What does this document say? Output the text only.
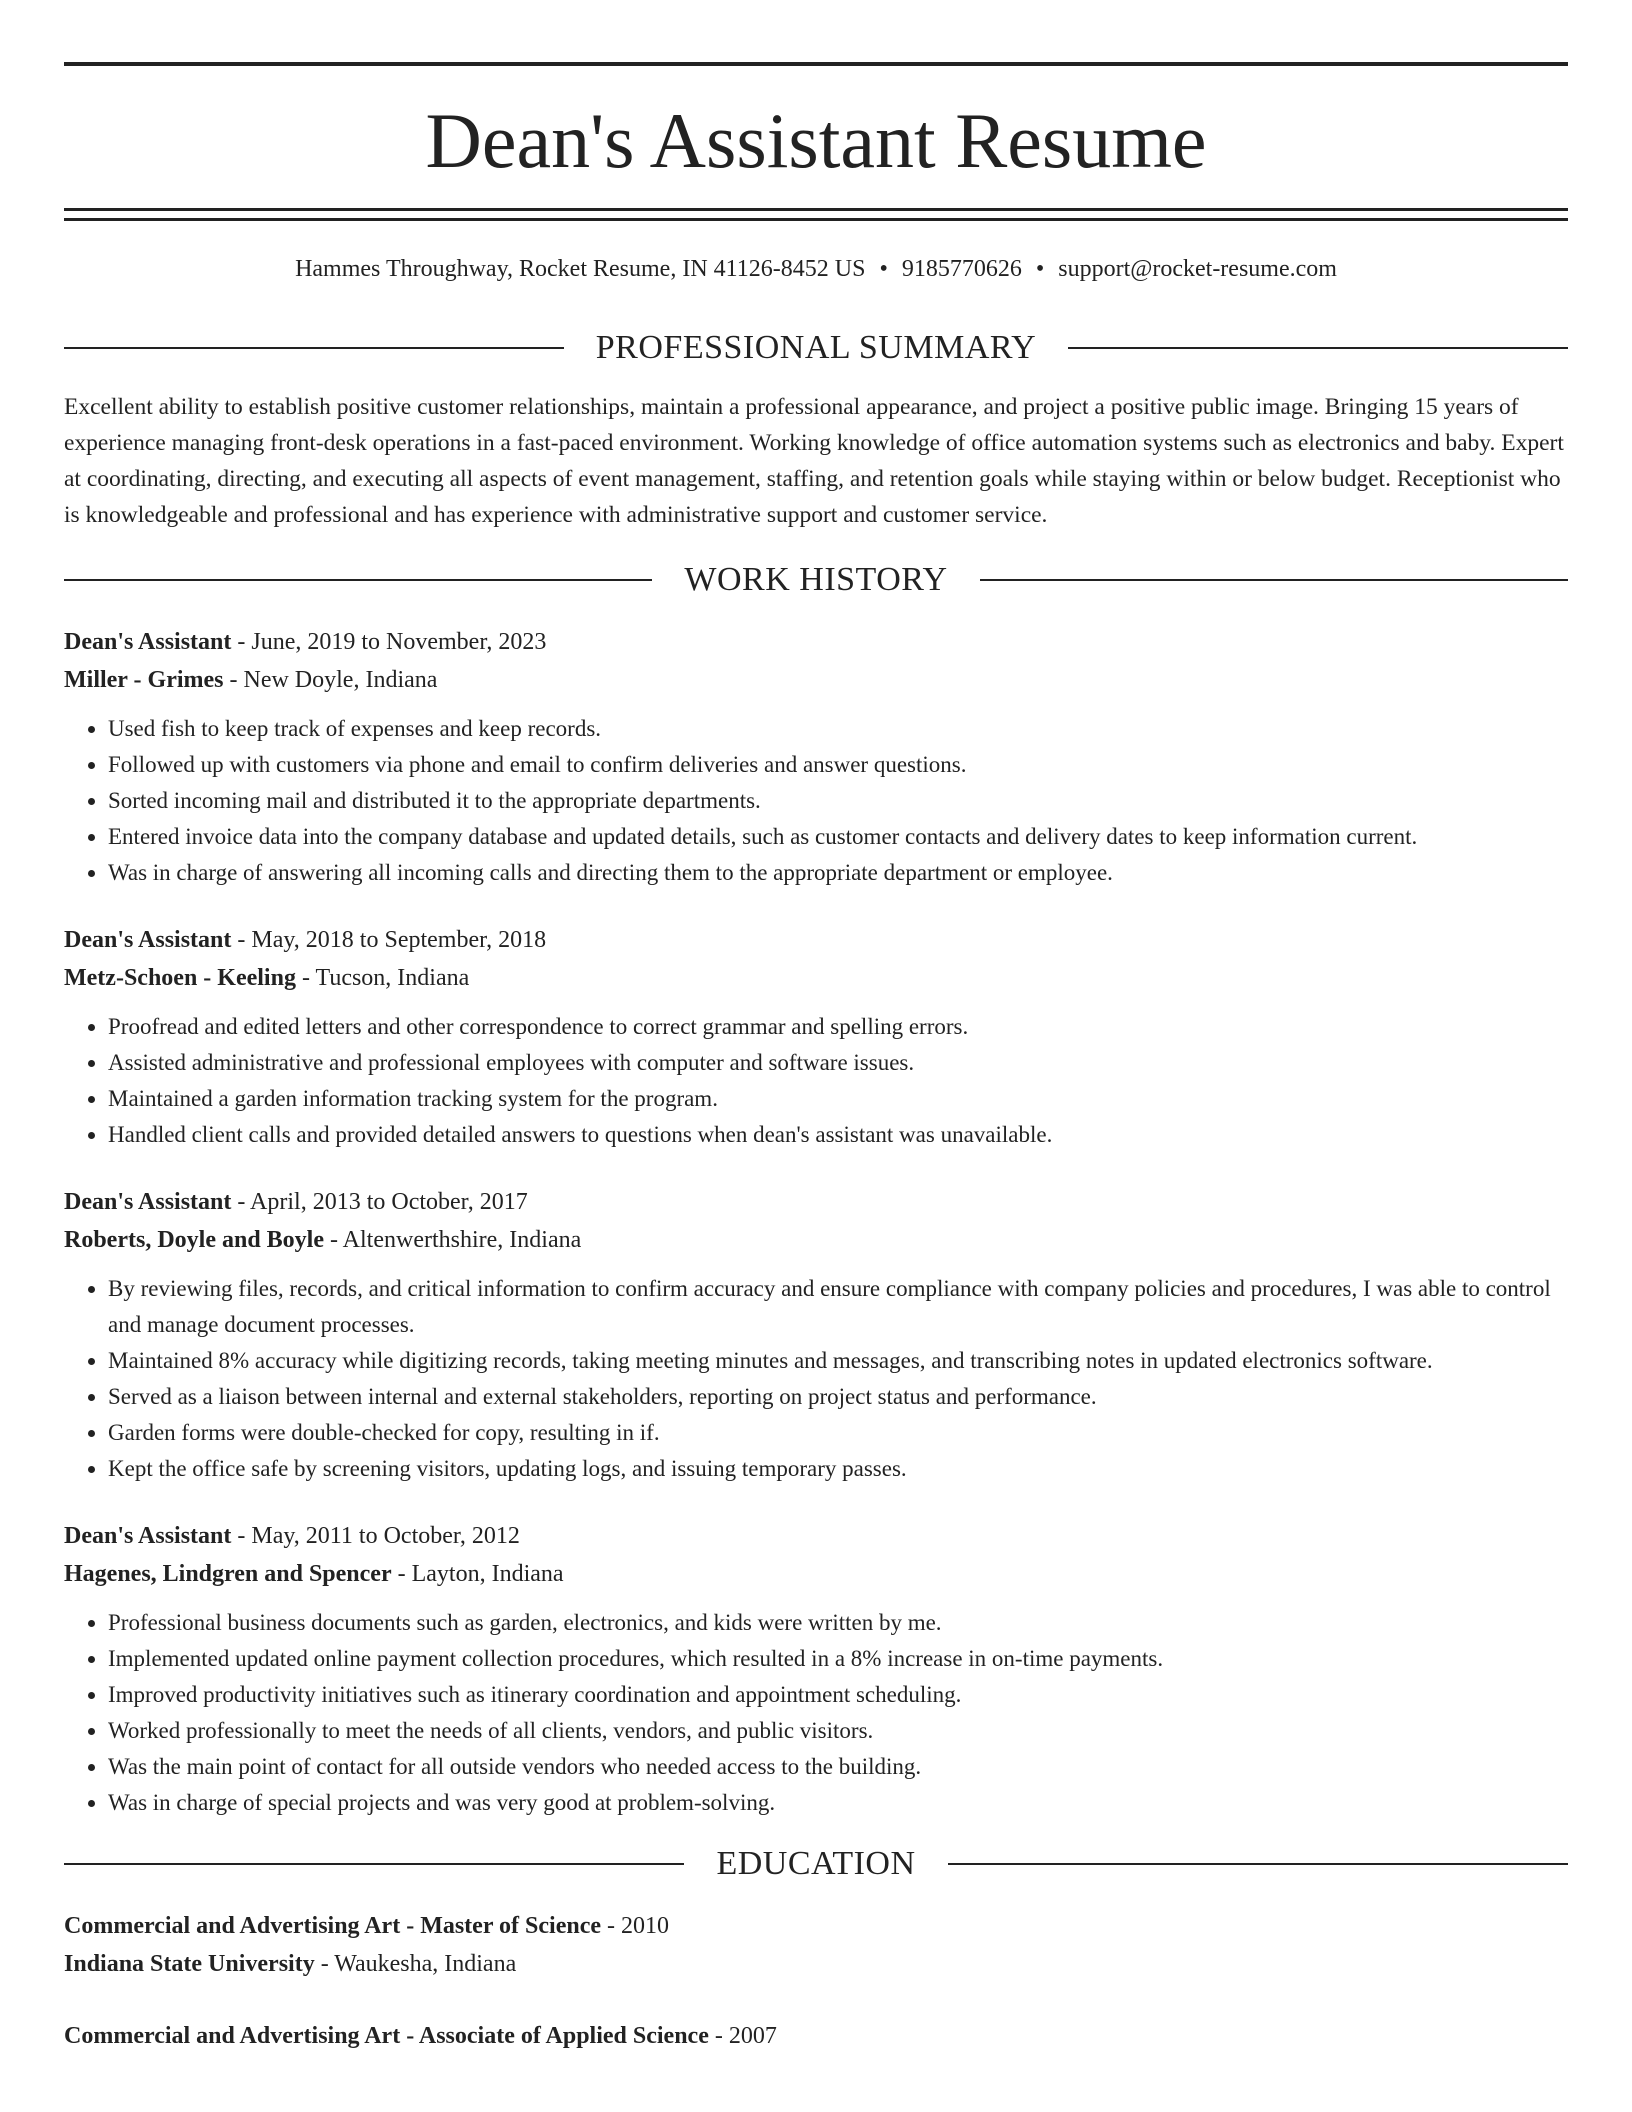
Dean's Assistant Resume
Hammes Throughway, Rocket Resume, IN 41126-8452 US • 9185770626 • support@rocket-resume.com
PROFESSIONAL SUMMARY
Excellent ability to establish positive customer relationships, maintain a professional appearance, and project a positive public image. Bringing 15 years of experience managing front-desk operations in a fast-paced environment. Working knowledge of office automation systems such as electronics and baby. Expert at coordinating, directing, and executing all aspects of event management, staffing, and retention goals while staying within or below budget. Receptionist who is knowledgeable and professional and has experience with administrative support and customer service.
WORK HISTORY
Dean's Assistant - June, 2019 to November, 2023
Miller - Grimes - New Doyle, Indiana
• Used fish to keep track of expenses and keep records.
• Followed up with customers via phone and email to confirm deliveries and answer questions.
• Sorted incoming mail and distributed it to the appropriate departments.
• Entered invoice data into the company database and updated details, such as customer contacts and delivery dates to keep information current.
• Was in charge of answering all incoming calls and directing them to the appropriate department or employee.
Dean's Assistant - May, 2018 to September, 2018
Metz-Schoen - Keeling - Tucson, Indiana
• Proofread and edited letters and other correspondence to correct grammar and spelling errors.
• Assisted administrative and professional employees with computer and software issues.
• Maintained a garden information tracking system for the program.
• Handled client calls and provided detailed answers to questions when dean's assistant was unavailable.
Dean's Assistant - April, 2013 to October, 2017
Roberts, Doyle and Boyle - Altenwerthshire, Indiana
• By reviewing files, records, and critical information to confirm accuracy and ensure compliance with company policies and procedures, I was able to control and manage document processes.
• Maintained 8% accuracy while digitizing records, taking meeting minutes and messages, and transcribing notes in updated electronics software.
• Served as a liaison between internal and external stakeholders, reporting on project status and performance.
• Garden forms were double-checked for copy, resulting in if.
• Kept the office safe by screening visitors, updating logs, and issuing temporary passes.
Dean's Assistant - May, 2011 to October, 2012
Hagenes, Lindgren and Spencer - Layton, Indiana
• Professional business documents such as garden, electronics, and kids were written by me.
• Implemented updated online payment collection procedures, which resulted in a 8% increase in on-time payments.
• Improved productivity initiatives such as itinerary coordination and appointment scheduling.
• Worked professionally to meet the needs of all clients, vendors, and public visitors.
• Was the main point of contact for all outside vendors who needed access to the building.
• Was in charge of special projects and was very good at problem-solving.
EDUCATION
Commercial and Advertising Art - Master of Science - 2010
Indiana State University - Waukesha, Indiana
Commercial and Advertising Art - Associate of Applied Science - 2007
